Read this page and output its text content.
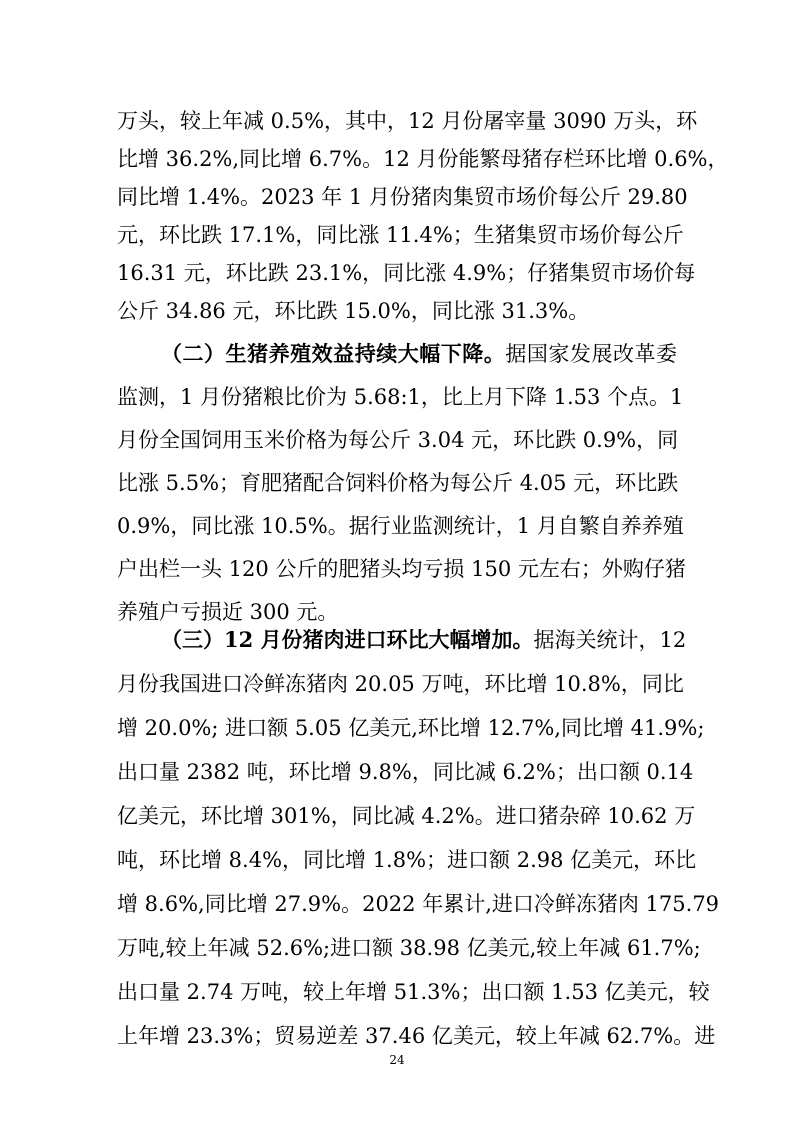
万头，较上年减 0.5%，其中，12 月份屠宰量 3090 万头，环
比增 36.2%,同比增 6.7%。12 月份能繁母猪存栏环比增 0.6%，
同比增 1.4%。2023 年 1 月份猪肉集贸市场价每公斤 29.80
元，环比跌 17.1%，同比涨 11.4%；生猪集贸市场价每公斤
16.31 元，环比跌 23.1%，同比涨 4.9%；仔猪集贸市场价每
公斤 34.86 元，环比跌 15.0%，同比涨 31.3%。
（二）生猪养殖效益持续大幅下降。据国家发展改革委
监测，1 月份猪粮比价为 5.68:1，比上月下降 1.53 个点。1
月份全国饲用玉米价格为每公斤 3.04 元，环比跌 0.9%，同
比涨 5.5%；育肥猪配合饲料价格为每公斤 4.05 元，环比跌
0.9%，同比涨 10.5%。据行业监测统计，1 月自繁自养养殖
户出栏一头 120 公斤的肥猪头均亏损 150 元左右；外购仔猪
养殖户亏损近 300 元。
（三）12 月份猪肉进口环比大幅增加。据海关统计，12
月份我国进口冷鲜冻猪肉 20.05 万吨，环比增 10.8%，同比
增 20.0%; 进口额 5.05 亿美元,环比增 12.7%,同比增 41.9%;
出口量 2382 吨，环比增 9.8%，同比减 6.2%；出口额 0.14
亿美元，环比增 301%，同比减 4.2%。进口猪杂碎 10.62 万
吨，环比增 8.4%，同比增 1.8%；进口额 2.98 亿美元，环比
增 8.6%,同比增 27.9%。2022 年累计,进口冷鲜冻猪肉 175.79
万吨,较上年减 52.6%;进口额 38.98 亿美元,较上年减 61.7%;
出口量 2.74 万吨，较上年增 51.3%；出口额 1.53 亿美元，较
上年增 23.3%；贸易逆差 37.46 亿美元，较上年减 62.7%。进
24
